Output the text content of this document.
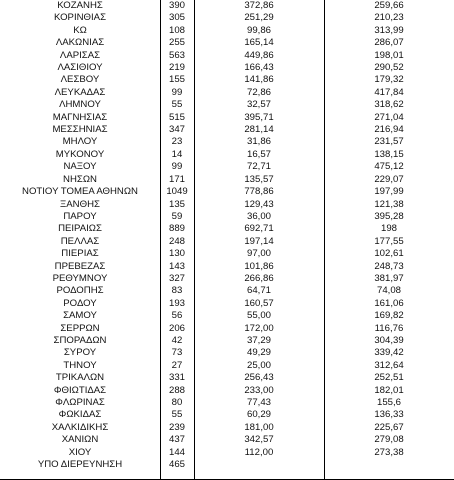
ΚΟΖΑΝΗΣ	390	372,86	259,66
ΚΟΡΙΝΘΙΑΣ	305	251,29	210,23
ΚΩ	108	99,86	313,99
ΛΑΚΩΝΙΑΣ	255	165,14	286,07
ΛΑΡΙΣΑΣ	563	449,86	198,01
ΛΑΣΙΘΙΟΥ	219	166,43	290,52
ΛΕΣΒΟΥ	155	141,86	179,32
ΛΕΥΚΑΔΑΣ	99	72,86	417,84
ΛΗΜΝΟΥ	55	32,57	318,62
ΜΑΓΝΗΣΙΑΣ	515	395,71	271,04
ΜΕΣΣΗΝΙΑΣ	347	281,14	216,94
ΜΗΛΟΥ	23	31,86	231,57
ΜΥΚΟΝΟΥ	14	16,57	138,15
ΝΑΞΟΥ	99	72,71	475,12
ΝΗΣΩΝ	171	135,57	229,07
ΝΟΤΙΟΥ ΤΟΜΕΑ ΑΘΗΝΩΝ	1049	778,86	197,99
ΞΑΝΘΗΣ	135	129,43	121,38
ΠΑΡΟΥ	59	36,00	395,28
ΠΕΙΡΑΙΩΣ	889	692,71	198
ΠΕΛΛΑΣ	248	197,14	177,55
ΠΙΕΡΙΑΣ	130	97,00	102,61
ΠΡΕΒΕΖΑΣ	143	101,86	248,73
ΡΕΘΥΜΝΟΥ	327	266,86	381,97
ΡΟΔΟΠΗΣ	83	64,71	74,08
ΡΟΔΟΥ	193	160,57	161,06
ΣΑΜΟΥ	56	55,00	169,82
ΣΕΡΡΩΝ	206	172,00	116,76
ΣΠΟΡΑΔΩΝ	42	37,29	304,39
ΣΥΡΟΥ	73	49,29	339,42
ΤΗΝΟΥ	27	25,00	312,64
ΤΡΙΚΑΛΩΝ	331	256,43	252,51
ΦΘΙΩΤΙΔΑΣ	288	233,00	182,01
ΦΛΩΡΙΝΑΣ	80	77,43	155,6
ΦΩΚΙΔΑΣ	55	60,29	136,33
ΧΑΛΚΙΔΙΚΗΣ	239	181,00	225,67
ΧΑΝΙΩΝ	437	342,57	279,08
ΧΙΟΥ	144	112,00	273,38
ΥΠΟ ΔΙΕΡΕΥΝΗΣΗ	465		
